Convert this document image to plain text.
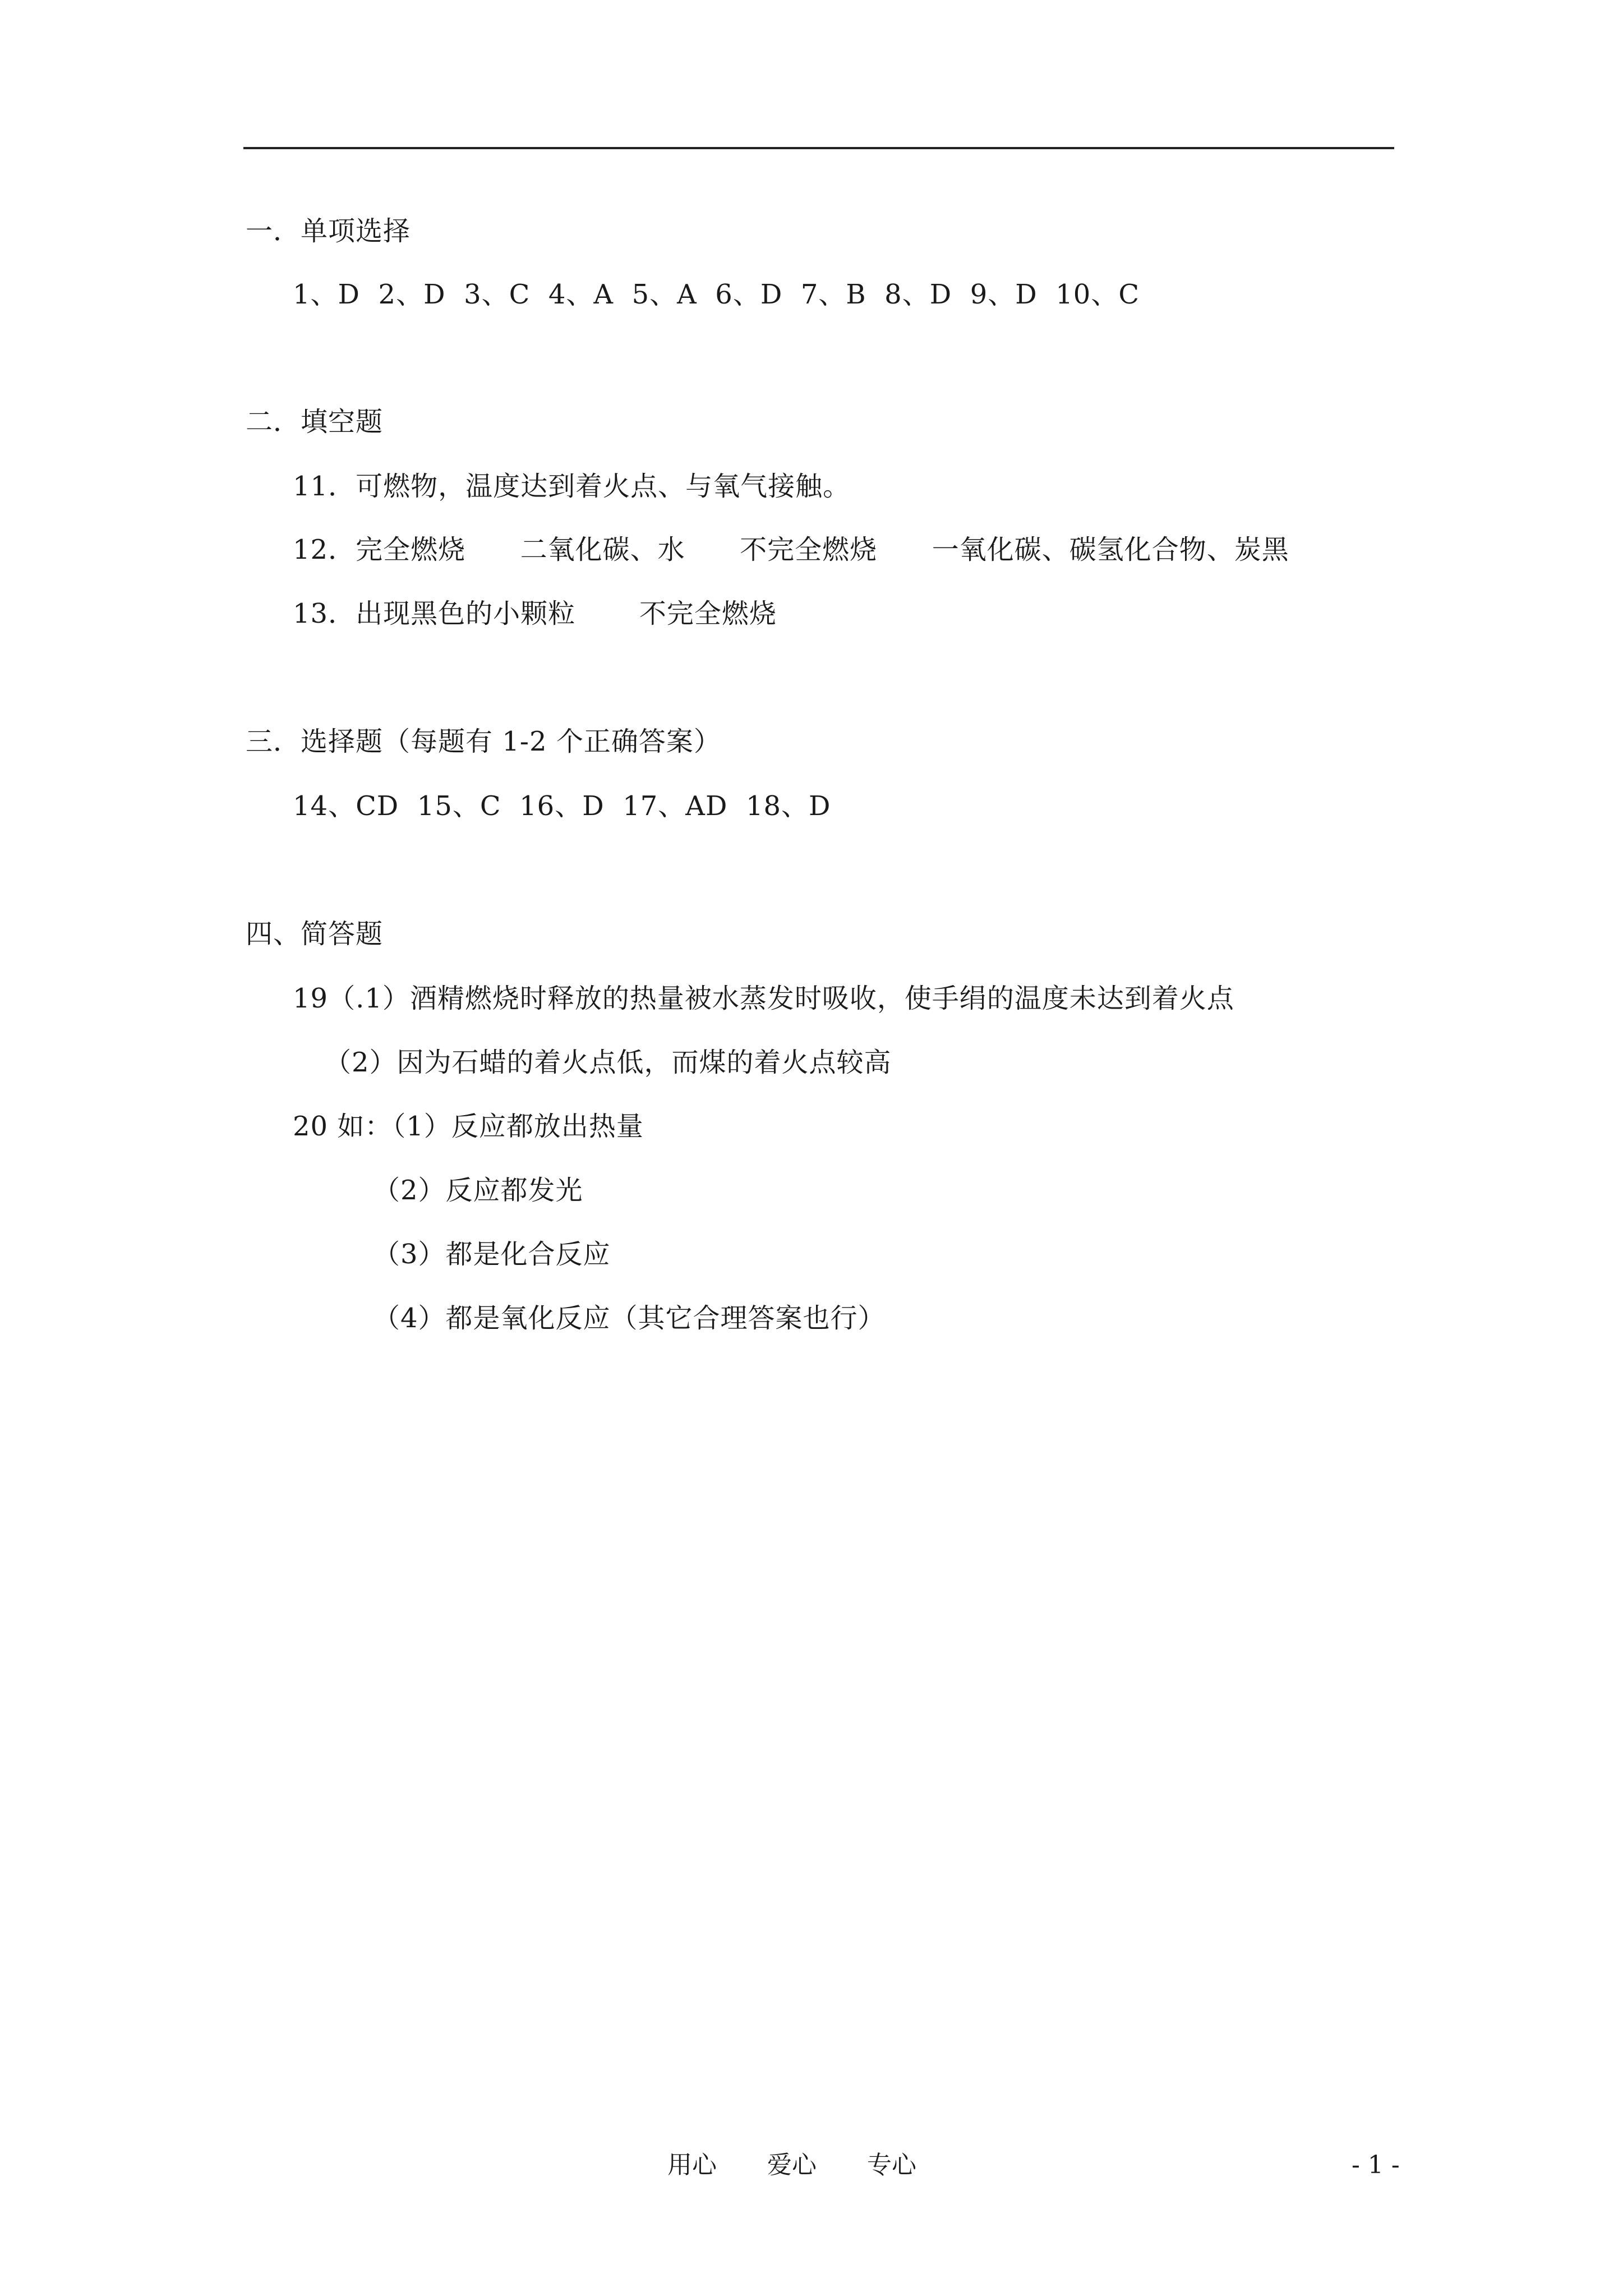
一．单项选择
1、D  2、D  3、C  4、A  5、A  6、D  7、B  8、D  9、D  10、C
二．填空题
11．可燃物，温度达到着火点、与氧气接触。
12．完全燃烧      二氧化碳、水      不完全燃烧      一氧化碳、碳氢化合物、炭黑
13．出现黑色的小颗粒       不完全燃烧
三．选择题（每题有 1-2 个正确答案）
14、CD  15、C  16、D  17、AD  18、D
四、简答题
19（.1）酒精燃烧时释放的热量被水蒸发时吸收，使手绢的温度未达到着火点
（2）因为石蜡的着火点低，而煤的着火点较高
20 如：（1）反应都放出热量
（2）反应都发光
（3）都是化合反应
（4）都是氧化反应（其它合理答案也行）
用心 爱心 专心	- 1 -
